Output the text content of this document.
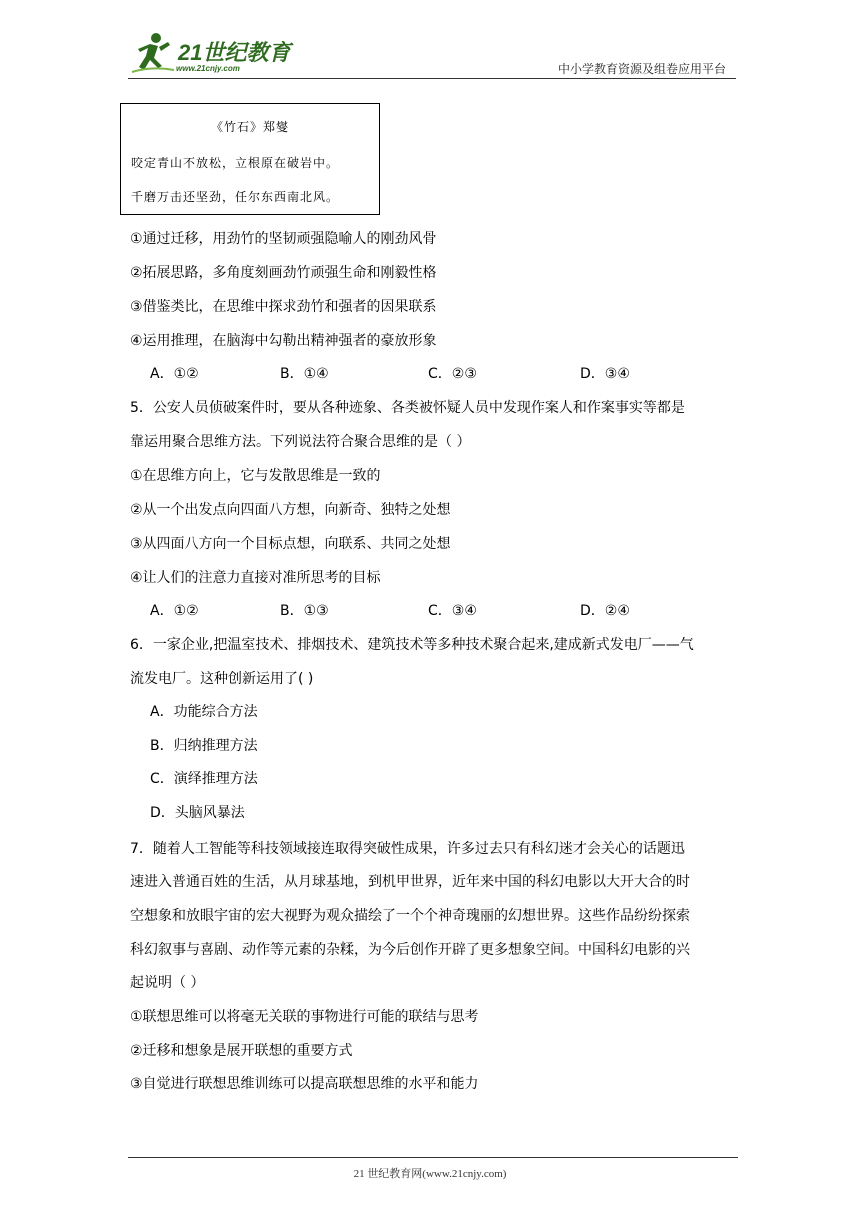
21世纪教育
www.21cnjy.com	中小学教育资源及组卷应用平台
《竹石》郑燮
咬定青山不放松，立根原在破岩中。
千磨万击还坚劲，任尔东西南北风。
①通过迁移，用劲竹的坚韧顽强隐喻人的刚劲风骨
②拓展思路，多角度刻画劲竹顽强生命和刚毅性格
③借鉴类比，在思维中探求劲竹和强者的因果联系
④运用推理，在脑海中勾勒出精神强者的豪放形象
A．①②	B．①④	C．②③	D．③④
5．公安人员侦破案件时，要从各种迹象、各类被怀疑人员中发现作案人和作案事实等都是
靠运用聚合思维方法。下列说法符合聚合思维的是（ ）
①在思维方向上，它与发散思维是一致的
②从一个出发点向四面八方想，向新奇、独特之处想
③从四面八方向一个目标点想，向联系、共同之处想
④让人们的注意力直接对准所思考的目标
A．①②	B．①③	C．③④	D．②④
6．一家企业,把温室技术、排烟技术、建筑技术等多种技术聚合起来,建成新式发电厂——气
流发电厂。这种创新运用了( )
A．功能综合方法
B．归纳推理方法
C．演绎推理方法
D．头脑风暴法
7．随着人工智能等科技领域接连取得突破性成果，许多过去只有科幻迷才会关心的话题迅
速进入普通百姓的生活，从月球基地，到机甲世界，近年来中国的科幻电影以大开大合的时
空想象和放眼宇宙的宏大视野为观众描绘了一个个神奇瑰丽的幻想世界。这些作品纷纷探索
科幻叙事与喜剧、动作等元素的杂糅，为今后创作开辟了更多想象空间。中国科幻电影的兴
起说明（ ）
①联想思维可以将毫无关联的事物进行可能的联结与思考
②迁移和想象是展开联想的重要方式
③自觉进行联想思维训练可以提高联想思维的水平和能力
21 世纪教育网(www.21cnjy.com)
